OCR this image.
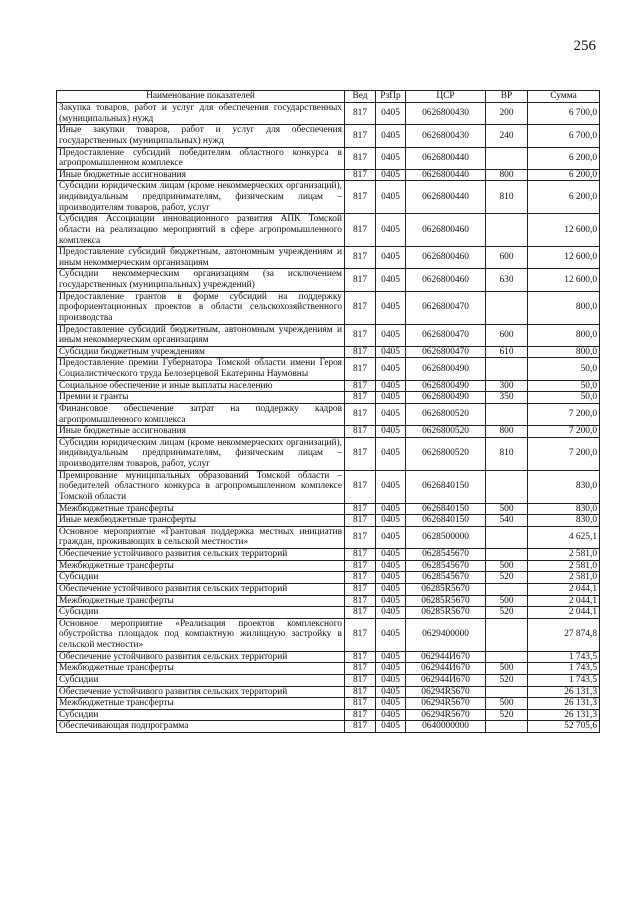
256
Наименование показателей	Вед	РзПр	ЦСР	ВР	Сумма
Закупка товаров, работ и услуг для обеспечения государственных (муниципальных) нужд	817	0405	0626800430	200	6 700,0
Иные закупки товаров, работ и услуг для обеспечения государственных (муниципальных) нужд	817	0405	0626800430	240	6 700,0
Предоставление субсидий победителям областного конкурса в агропромышленном комплексе	817	0405	0626800440		6 200,0
Иные бюджетные ассигнования	817	0405	0626800440	800	6 200,0
Субсидии юридическим лицам (кроме некоммерческих организаций), индивидуальным предпринимателям, физическим лицам – производителям товаров, работ, услуг	817	0405	0626800440	810	6 200,0
Субсидия Ассоциации инновационного развития АПК Томской области на реализацию мероприятий в сфере агропромышленного комплекса	817	0405	0626800460		12 600,0
Предоставление субсидий бюджетным, автономным учреждениям и иным некоммерческим организациям	817	0405	0626800460	600	12 600,0
Субсидии некоммерческим организациям (за исключением государственных (муниципальных) учреждений)	817	0405	0626800460	630	12 600,0
Предоставление грантов в форме субсидий на поддержку профориентационных проектов в области сельскохозяйственного производства	817	0405	0626800470		800,0
Предоставление субсидий бюджетным, автономным учреждениям и иным некоммерческим организациям	817	0405	0626800470	600	800,0
Субсидии бюджетным учреждениям	817	0405	0626800470	610	800,0
Предоставление премии Губернатора Томской области имени Героя Социалистического труда Белозерцевой Екатерины Наумовны	817	0405	0626800490		50,0
Социальное обеспечение и иные выплаты населению	817	0405	0626800490	300	50,0
Премии и гранты	817	0405	0626800490	350	50,0
Финансовое обеспечение затрат на поддержку кадров агропромышленного комплекса	817	0405	0626800520		7 200,0
Иные бюджетные ассигнования	817	0405	0626800520	800	7 200,0
Субсидии юридическим лицам (кроме некоммерческих организаций), индивидуальным предпринимателям, физическим лицам – производителям товаров, работ, услуг	817	0405	0626800520	810	7 200,0
Премирование муниципальных образований Томской области – победителей областного конкурса в агропромышленном комплексе Томской области	817	0405	0626840150		830,0
Межбюджетные трансферты	817	0405	0626840150	500	830,0
Иные межбюджетные трансферты	817	0405	0626840150	540	830,0
Основное мероприятие «Грантовая поддержка местных инициатив граждан, проживающих в сельской местности»	817	0405	0628500000		4 625,1
Обеспечение устойчивого развития сельских территорий	817	0405	0628545670		2 581,0
Межбюджетные трансферты	817	0405	0628545670	500	2 581,0
Субсидии	817	0405	0628545670	520	2 581,0
Обеспечение устойчивого развития сельских территорий	817	0405	06285R5670		2 044,1
Межбюджетные трансферты	817	0405	06285R5670	500	2 044,1
Субсидии	817	0405	06285R5670	520	2 044,1
Основное мероприятие «Реализация проектов комплексного обустройства площадок под компактную жилищную застройку в сельской местности»	817	0405	0629400000		27 874,8
Обеспечение устойчивого развития сельских территорий	817	0405	062944И670		1 743,5
Межбюджетные трансферты	817	0405	062944И670	500	1 743,5
Субсидии	817	0405	062944И670	520	1 743,5
Обеспечение устойчивого развития сельских территорий	817	0405	06294R5670		26 131,3
Межбюджетные трансферты	817	0405	06294R5670	500	26 131,3
Субсидии	817	0405	06294R5670	520	26 131,3
Обеспечивающая подпрограмма	817	0405	0640000000		52 705,6
